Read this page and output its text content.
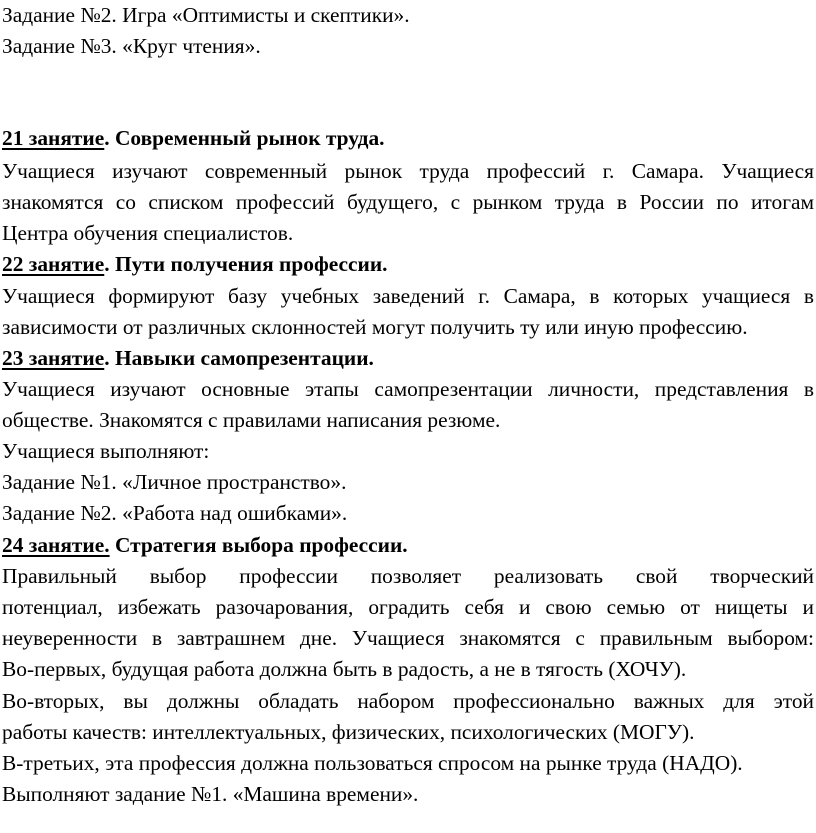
Задание №2. Игра «Оптимисты и скептики».
Задание №3. «Круг чтения».
21 занятие. Современный рынок труда.
Учащиеся изучают современный рынок труда профессий г. Самара. Учащиеся
знакомятся со списком профессий будущего, с рынком труда в России по итогам
Центра обучения специалистов.
22 занятие. Пути получения профессии.
Учащиеся формируют базу учебных заведений г. Самара, в которых учащиеся в
зависимости от различных склонностей могут получить ту или иную профессию.
23 занятие. Навыки самопрезентации.
Учащиеся изучают основные этапы самопрезентации личности, представления в
обществе. Знакомятся с правилами написания резюме.
Учащиеся выполняют:
Задание №1. «Личное пространство».
Задание №2. «Работа над ошибками».
24 занятие. Стратегия выбора профессии.
Правильный выбор профессии позволяет реализовать свой творческий
потенциал, избежать разочарования, оградить себя и свою семью от нищеты и
неуверенности в завтрашнем дне. Учащиеся знакомятся с правильным выбором:
Во-первых, будущая работа должна быть в радость, а не в тягость (ХОЧУ).
Во-вторых, вы должны обладать набором профессионально важных для этой
работы качеств: интеллектуальных, физических, психологических (МОГУ).
В-третьих, эта профессия должна пользоваться спросом на рынке труда (НАДО).
Выполняют задание №1. «Машина времени».
